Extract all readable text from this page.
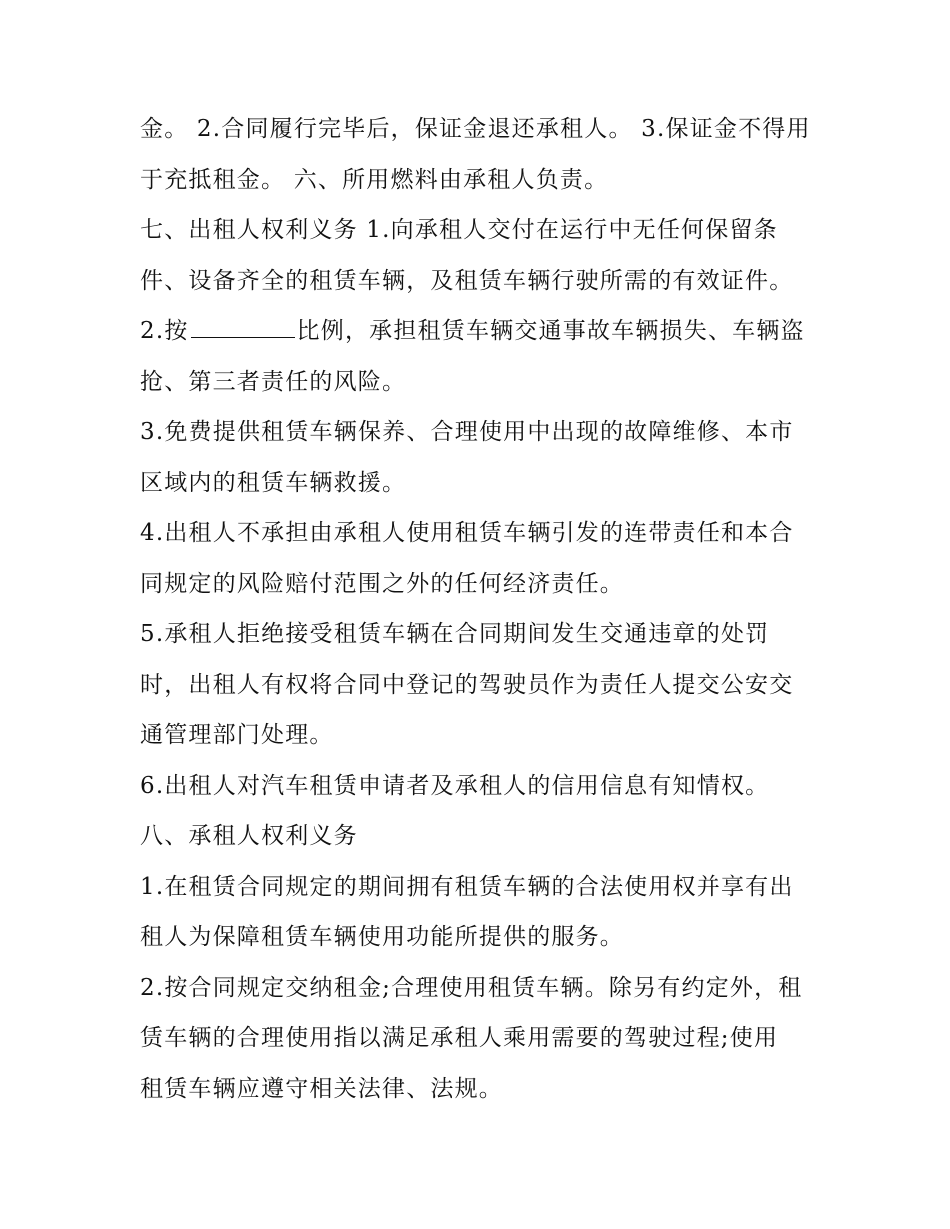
金。 2.合同履行完毕后，保证金退还承租人。 3.保证金不得用

于充抵租金。 六、所用燃料由承租人负责。

七、出租人权利义务 1.向承租人交付在运行中无任何保留条

件、设备齐全的租赁车辆，及租赁车辆行驶所需的有效证件。

2.按	比例，承担租赁车辆交通事故车辆损失、车辆盗

抢、第三者责任的风险。

3.免费提供租赁车辆保养、合理使用中出现的故障维修、本市

区域内的租赁车辆救援。

4.出租人不承担由承租人使用租赁车辆引发的连带责任和本合

同规定的风险赔付范围之外的任何经济责任。

5.承租人拒绝接受租赁车辆在合同期间发生交通违章的处罚

时，出租人有权将合同中登记的驾驶员作为责任人提交公安交

通管理部门处理。

6.出租人对汽车租赁申请者及承租人的信用信息有知情权。

八、承租人权利义务

1.在租赁合同规定的期间拥有租赁车辆的合法使用权并享有出

租人为保障租赁车辆使用功能所提供的服务。

2.按合同规定交纳租金;合理使用租赁车辆。除另有约定外，租

赁车辆的合理使用指以满足承租人乘用需要的驾驶过程;使用

租赁车辆应遵守相关法律、法规。
